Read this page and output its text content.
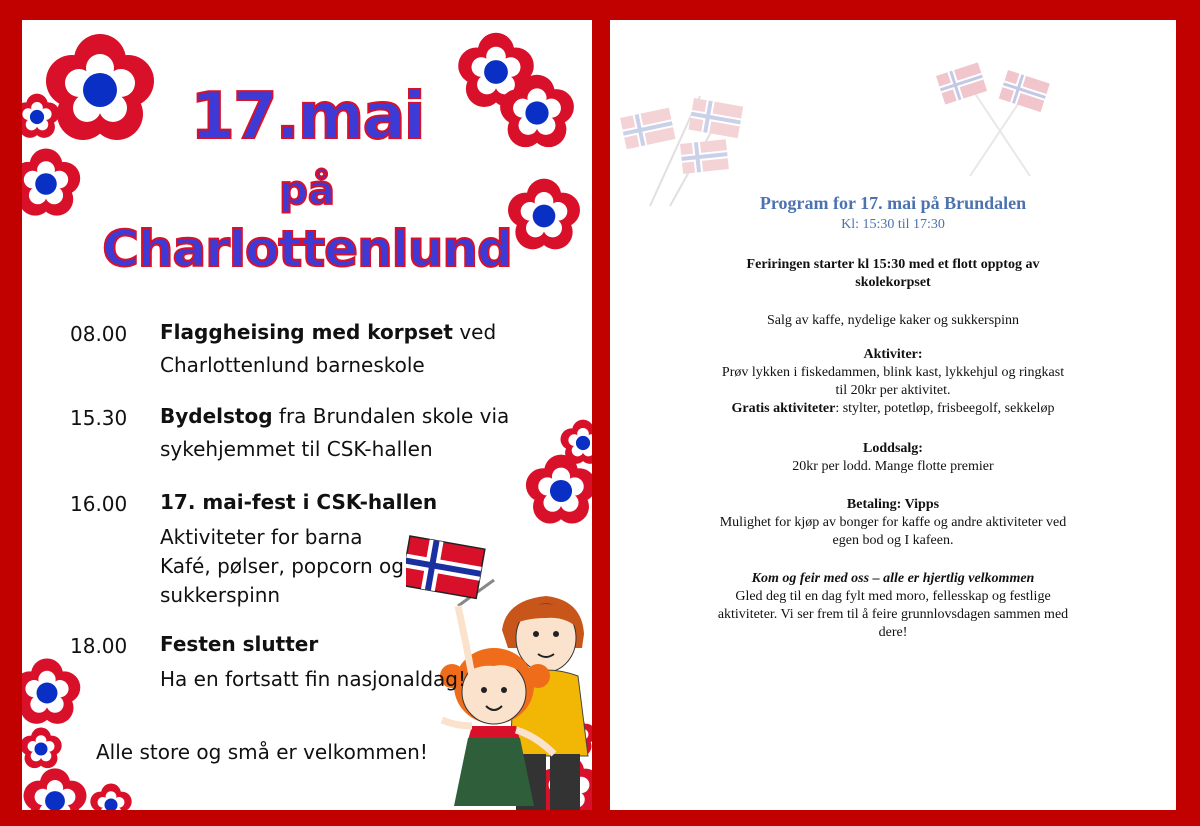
17.mai
på
Charlottenlund
08.00	Flaggheising med korpset ved
Charlottenlund barneskole
15.30	Bydelstog fra Brundalen skole via
sykehjemmet til CSK-hallen
16.00	17. mai-fest i CSK-hallen
Aktiviteter for barna
Kafé, pølser, popcorn og
sukkerspinn
18.00	Festen slutter
Ha en fortsatt fin nasjonaldag!
Alle store og små er velkommen!
Program for 17. mai på Brundalen
Kl: 15:30 til 17:30
Feriringen starter kl 15:30 med et flott opptog av
skolekorpset
Salg av kaffe, nydelige kaker og sukkerspinn
Aktiviter:
Prøv lykken i fiskedammen, blink kast, lykkehjul og ringkast
til 20kr per aktivitet.
Gratis aktiviteter: stylter, potetløp, frisbeegolf, sekkeløp
Loddsalg:
20kr per lodd. Mange flotte premier
Betaling: Vipps
Mulighet for kjøp av bonger for kaffe og andre aktiviteter ved
egen bod og I kafeen.
Kom og feir med oss – alle er hjertlig velkommen
Gled deg til en dag fylt med moro, fellesskap og festlige
aktiviteter. Vi ser frem til å feire grunnlovsdagen sammen med
dere!
